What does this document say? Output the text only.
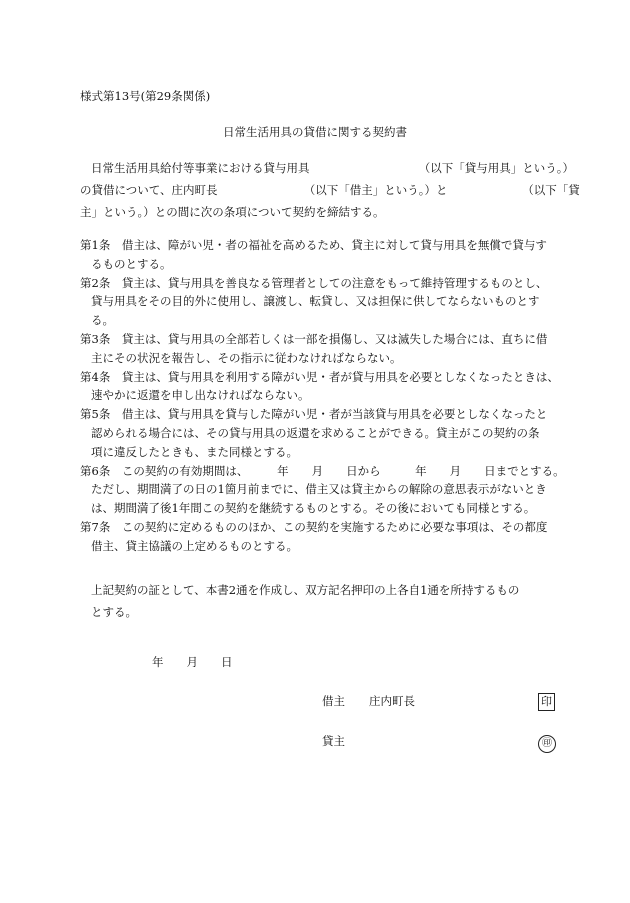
様式第13号(第29条関係)
日常生活用具の貸借に関する契約書
日常生活用具給付等事業における貸与用具　　　　　　　　　　（以下「貸与用具」という。）
の貸借について、庄内町長　　　　　　　　（以下「借主」という。）と　　　　　　　（以下「貸
主」という。）との間に次の条項について契約を締結する。
第1条　 借主は、障がい児・者の福祉を高めるため、貸主に対して貸与用具を無償で貸与す
るものとする。
第2条　 貸主は、貸与用具を善良なる管理者としての注意をもって維持管理するものとし、
貸与用具をその目的外に使用し、譲渡し、転貸し、又は担保に供してならないものとす
る。
第3条　 貸主は、貸与用具の全部若しくは一部を損傷し、又は滅失した場合には、直ちに借
主にその状況を報告し、その指示に従わなければならない。
第4条　 貸主は、貸与用具を利用する障がい児・者が貸与用具を必要としなくなったときは、
速やかに返還を申し出なければならない。
第5条　 借主は、貸与用具を貸与した障がい児・者が当該貸与用具を必要としなくなったと
認められる場合には、その貸与用具の返還を求めることができる。貸主がこの契約の条
項に違反したときも、また同様とする。
第6条　 この契約の有効期間は、　　　年　　月　　日から　　　年　　月　　日までとする。
ただし、期間満了の日の1箇月前までに、借主又は貸主からの解除の意思表示がないとき
は、期間満了後1年間この契約を継続するものとする。その後においても同様とする。
第7条　 この契約に定めるもののほか、この契約を実施するために必要な事項は、その都度
借主、貸主協議の上定めるものとする。
上記契約の証として、本書2通を作成し、双方記名押印の上各自1通を所持するもの
とする。
年　　月　　日
借主 庄内町長	印
貸主	㊞
